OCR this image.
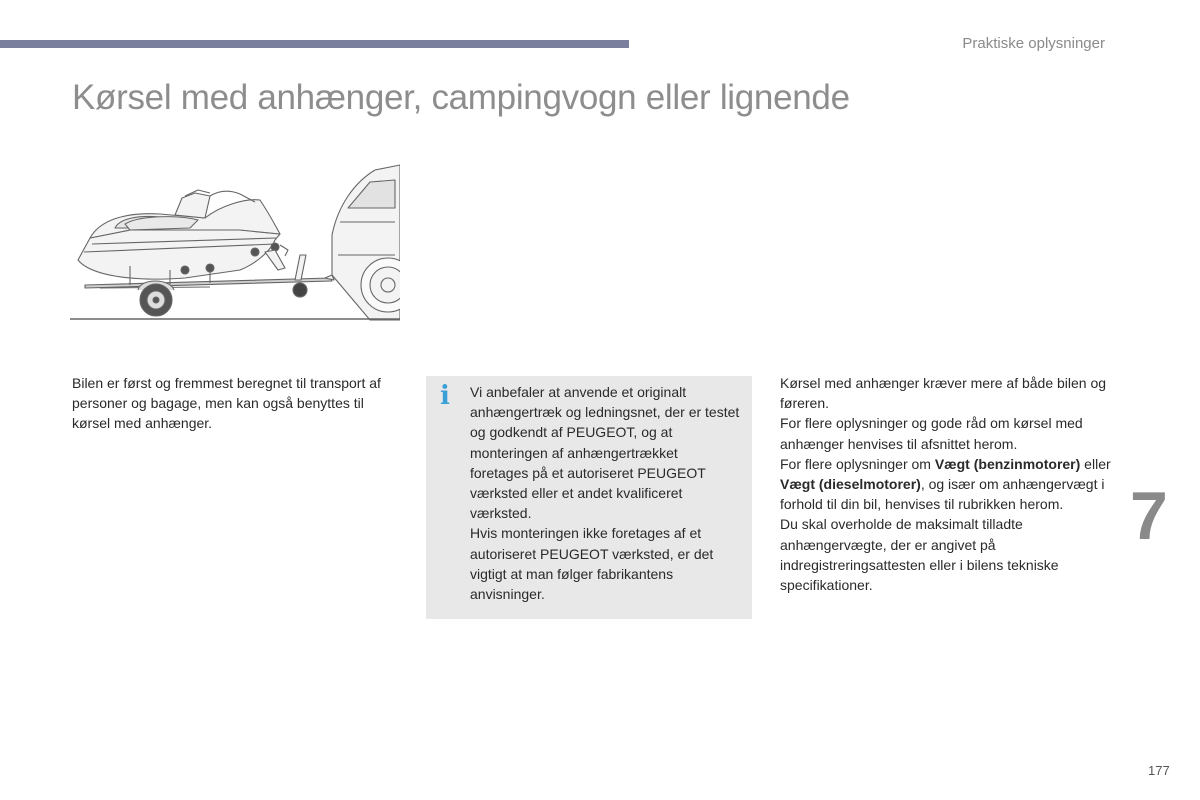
Praktiske oplysninger
Kørsel med anhænger, campingvogn eller lignende

Bilen er først og fremmest beregnet til transport af personer og bagage, men kan også benyttes til kørsel med anhænger.

i Vi anbefaler at anvende et originalt anhængertræk og ledningsnet, der er testet og godkendt af PEUGEOT, og at monteringen af anhængertrækket foretages på et autoriseret PEUGEOT værksted eller et andet kvalificeret værksted.

Hvis monteringen ikke foretages af et autoriseret PEUGEOT værksted, er det vigtigt at man følger fabrikantens anvisninger.

Kørsel med anhænger kræver mere af både bilen og føreren.

For flere oplysninger og gode råd om kørsel med anhænger henvises til afsnittet herom.

For flere oplysninger om Vægt (benzinmotorer) eller Vægt (dieselmotorer), og især om anhængervægt i forhold til din bil, henvises til rubrikken herom.

Du skal overholde de maksimalt tilladte anhængervægte, der er angivet på indregistreringsattesten eller i bilens tekniske specifikationer.

7
177
